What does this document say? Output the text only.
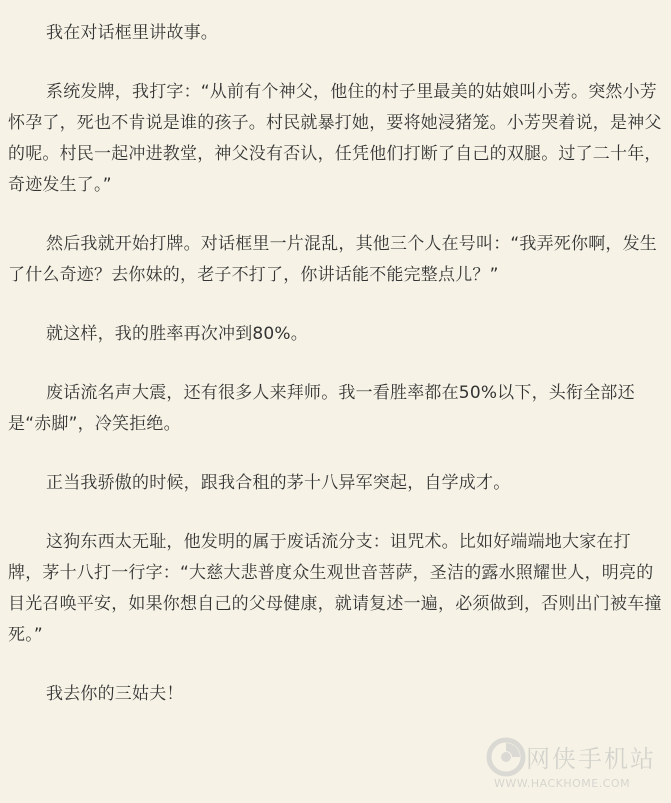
我在对话框里讲故事。

系统发牌，我打字：“从前有个神父，他住的村子里最美的姑娘叫小芳。突然小芳怀孕了，死也不肯说是谁的孩子。村民就暴打她，要将她浸猪笼。小芳哭着说，是神父的呢。村民一起冲进教堂，神父没有否认，任凭他们打断了自己的双腿。过了二十年，奇迹发生了。”

然后我就开始打牌。对话框里一片混乱，其他三个人在号叫：“我弄死你啊，发生了什么奇迹？去你妹的，老子不打了，你讲话能不能完整点儿？”

就这样，我的胜率再次冲到80%。

废话流名声大震，还有很多人来拜师。我一看胜率都在50%以下，头衔全部还是“赤脚”，冷笑拒绝。

正当我骄傲的时候，跟我合租的茅十八异军突起，自学成才。

这狗东西太无耻，他发明的属于废话流分支：诅咒术。比如好端端地大家在打牌，茅十八打一行字：“大慈大悲普度众生观世音菩萨，圣洁的露水照耀世人，明亮的目光召唤平安，如果你想自己的父母健康，就请复述一遍，必须做到，否则出门被车撞死。”

我去你的三姑夫！

网侠手机站
WWW.HACKHOME.COM
